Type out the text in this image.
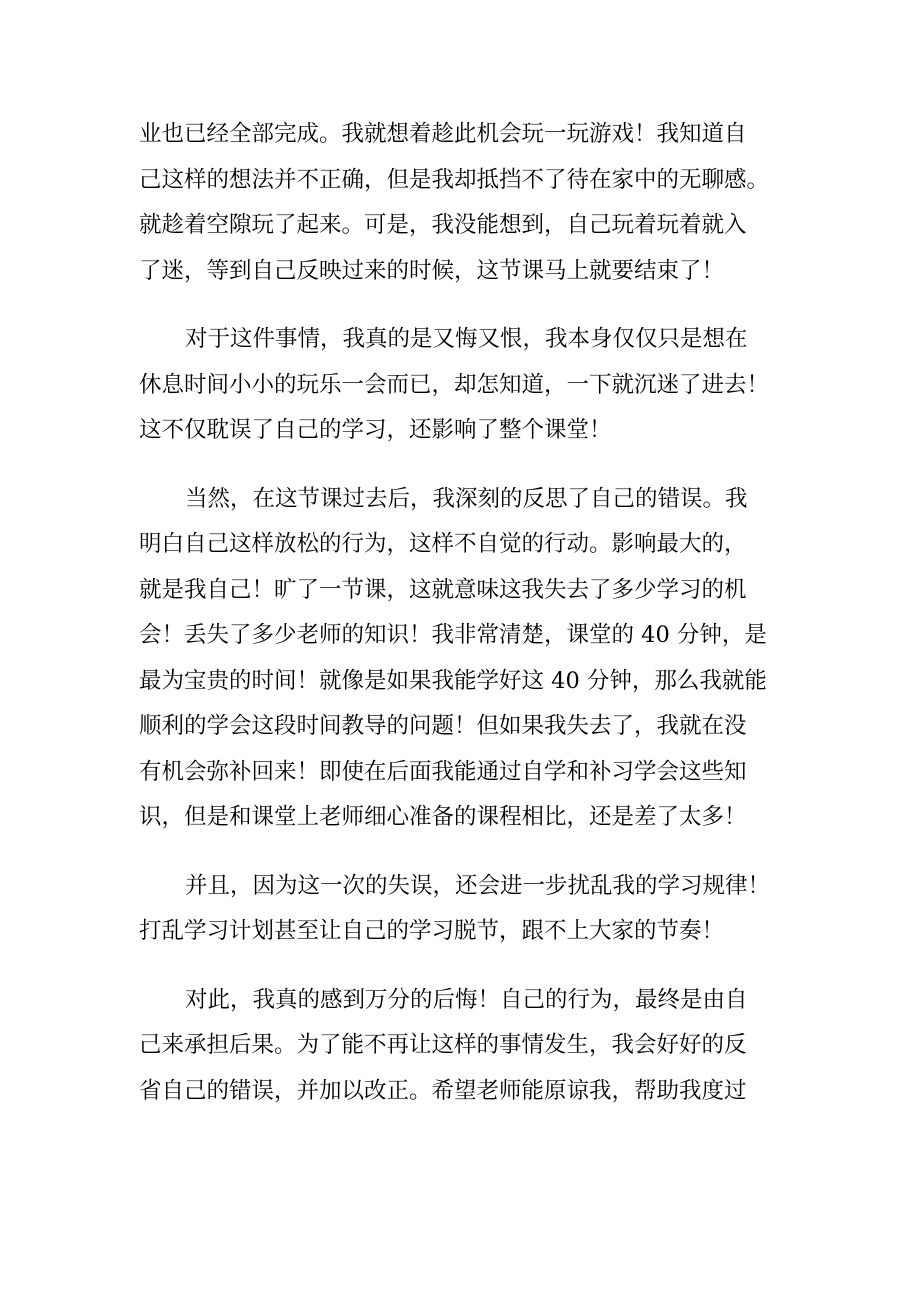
业也已经全部完成。我就想着趁此机会玩一玩游戏！我知道自
己这样的想法并不正确，但是我却抵挡不了待在家中的无聊感。
就趁着空隙玩了起来。可是，我没能想到，自己玩着玩着就入
了迷，等到自己反映过来的时候，这节课马上就要结束了！
对于这件事情，我真的是又悔又恨，我本身仅仅只是想在
休息时间小小的玩乐一会而已，却怎知道，一下就沉迷了进去！
这不仅耽误了自己的学习，还影响了整个课堂！
当然，在这节课过去后，我深刻的反思了自己的错误。我
明白自己这样放松的行为，这样不自觉的行动。影响最大的，
就是我自己！旷了一节课，这就意味这我失去了多少学习的机
会！丢失了多少老师的知识！我非常清楚，课堂的 40 分钟，是
最为宝贵的时间！就像是如果我能学好这 40 分钟，那么我就能
顺利的学会这段时间教导的问题！但如果我失去了，我就在没
有机会弥补回来！即使在后面我能通过自学和补习学会这些知
识，但是和课堂上老师细心准备的课程相比，还是差了太多！
并且，因为这一次的失误，还会进一步扰乱我的学习规律！
打乱学习计划甚至让自己的学习脱节，跟不上大家的节奏！
对此，我真的感到万分的后悔！自己的行为，最终是由自
己来承担后果。为了能不再让这样的事情发生，我会好好的反
省自己的错误，并加以改正。希望老师能原谅我，帮助我度过
